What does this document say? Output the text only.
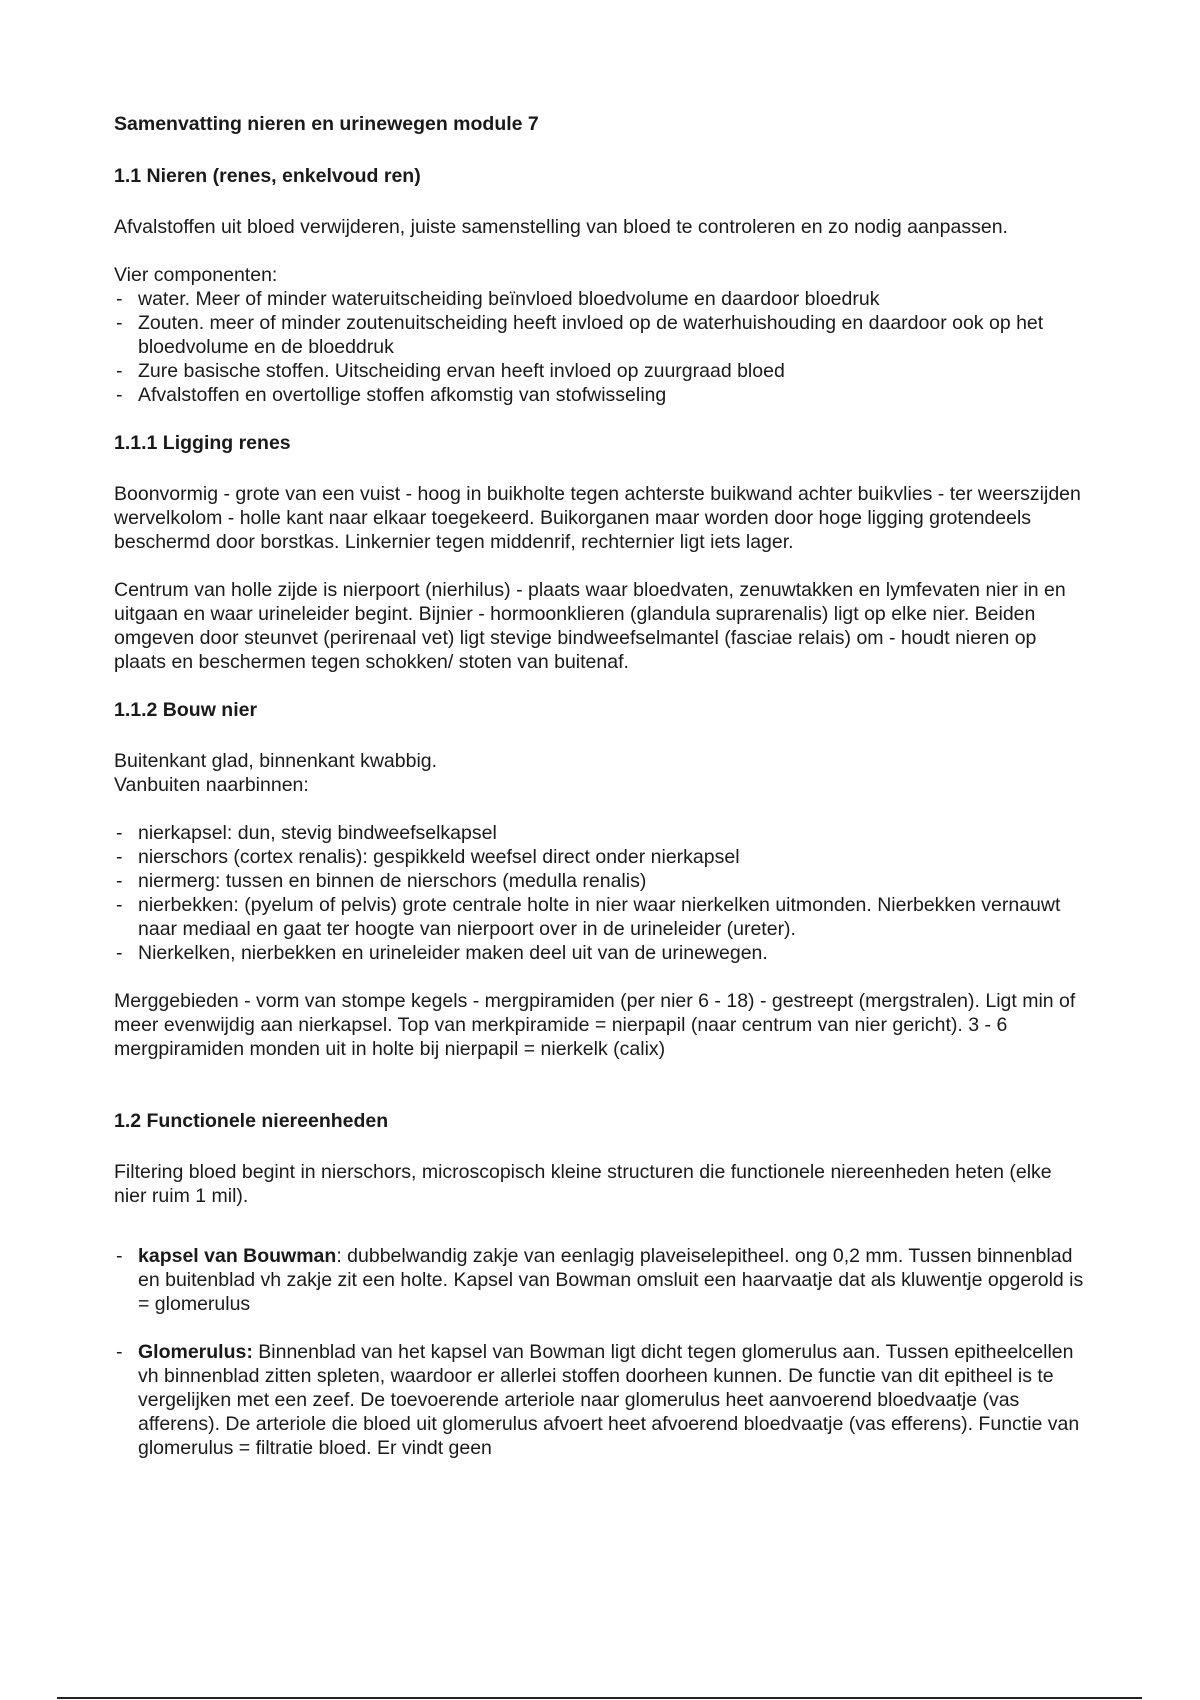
Samenvatting nieren en urinewegen module 7
1.1 Nieren (renes, enkelvoud ren)

Afvalstoffen uit bloed verwijderen, juiste samenstelling van bloed te controleren en zo nodig aanpassen.

Vier componenten:
- water. Meer of minder wateruitscheiding beïnvloed bloedvolume en daardoor bloedruk
- Zouten. meer of minder zoutenuitscheiding heeft invloed op de waterhuishouding en daardoor ook op het bloedvolume en de bloeddruk
- Zure basische stoffen. Uitscheiding ervan heeft invloed op zuurgraad bloed
- Afvalstoffen en overtollige stoffen afkomstig van stofwisseling
1.1.1 Ligging renes

Boonvormig - grote van een vuist - hoog in buikholte tegen achterste buikwand achter buikvlies - ter weerszijden wervelkolom - holle kant naar elkaar toegekeerd. Buikorganen maar worden door hoge ligging grotendeels beschermd door borstkas. Linkernier tegen middenrif, rechternier ligt iets lager.

Centrum van holle zijde is nierpoort (nierhilus) - plaats waar bloedvaten, zenuwtakken en lymfevaten nier in en uitgaan en waar urineleider begint. Bijnier - hormoonklieren (glandula suprarenalis) ligt op elke nier. Beiden omgeven door steunvet (perirenaal vet) ligt stevige bindweefselmantel (fasciae relais) om - houdt nieren op plaats en beschermen tegen schokken/ stoten van buitenaf.

1.1.2 Bouw nier
Buitenkant glad, binnenkant kwabbig.
Vanbuiten naarbinnen:
- nierkapsel: dun, stevig bindweefselkapsel
- nierschors (cortex renalis): gespikkeld weefsel direct onder nierkapsel
- niermerg: tussen en binnen de nierschors (medulla renalis)
- nierbekken: (pyelum of pelvis) grote centrale holte in nier waar nierkelken uitmonden. Nierbekken vernauwt naar mediaal en gaat ter hoogte van nierpoort over in de urineleider (ureter).
- Nierkelken, nierbekken en urineleider maken deel uit van de urinewegen.

Merggebieden - vorm van stompe kegels - mergpiramiden (per nier 6 - 18) - gestreept (mergstralen). Ligt min of meer evenwijdig aan nierkapsel. Top van merkpiramide = nierpapil (naar centrum van nier gericht). 3 - 6 mergpiramiden monden uit in holte bij nierpapil = nierkelk (calix)

1.2 Functionele niereenheden

Filtering bloed begint in nierschors, microscopisch kleine structuren die functionele niereenheden heten (elke nier ruim 1 mil).

- kapsel van Bouwman: dubbelwandig zakje van eenlagig plaveiselepitheel. ong 0,2 mm. Tussen binnenblad en buitenblad vh zakje zit een holte. Kapsel van Bowman omsluit een haarvaatje dat als kluwentje opgerold is = glomerulus
- Glomerulus: Binnenblad van het kapsel van Bowman ligt dicht tegen glomerulus aan. Tussen epitheelcellen vh binnenblad zitten spleten, waardoor er allerlei stoffen doorheen kunnen. De functie van dit epitheel is te vergelijken met een zeef. De toevoerende arteriole naar glomerulus heet aanvoerend bloedvaatje (vas afferens). De arteriole die bloed uit glomerulus afvoert heet afvoerend bloedvaatje (vas efferens). Functie van glomerulus = filtratie bloed. Er vindt geen
